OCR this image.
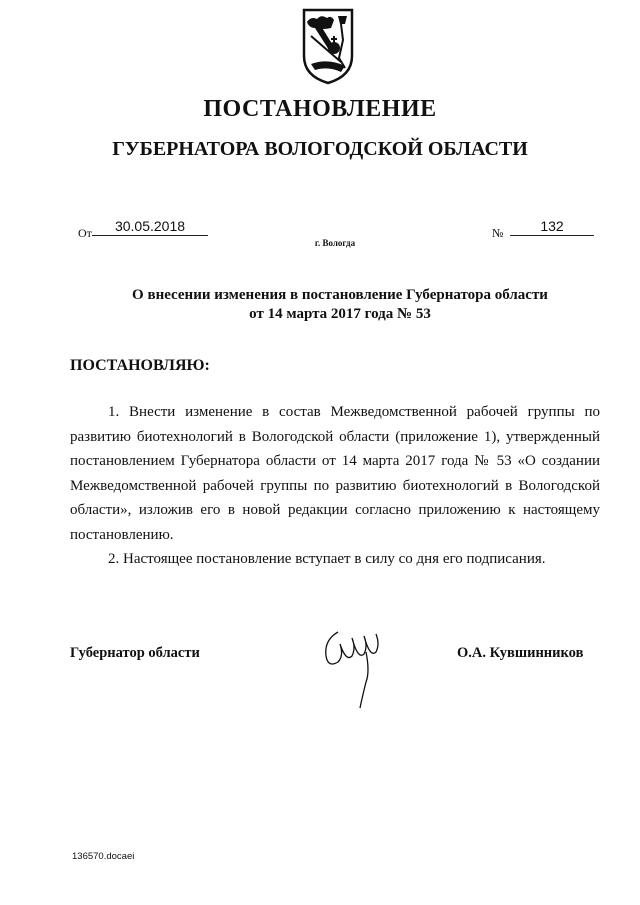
ПОСТАНОВЛЕНИЕ
ГУБЕРНАТОРА ВОЛОГОДСКОЙ ОБЛАСТИ
От	30.05.2018	№	132
г. Вологда
О внесении изменения в постановление Губернатора области
от 14 марта 2017 года № 53
ПОСТАНОВЛЯЮ:

1. Внести изменение в состав Межведомственной рабочей группы по развитию биотехнологий в Вологодской области (приложение 1), утвержденный постановлением Губернатора области от 14 марта 2017 года № 53 «О создании Межведомственной рабочей группы по развитию биотехнологий в Вологодской области», изложив его в новой редакции согласно приложению к настоящему постановлению.

2. Настоящее постановление вступает в силу со дня его подписания.

Губернатор области	О.А. Кувшинников
136570.docaei
